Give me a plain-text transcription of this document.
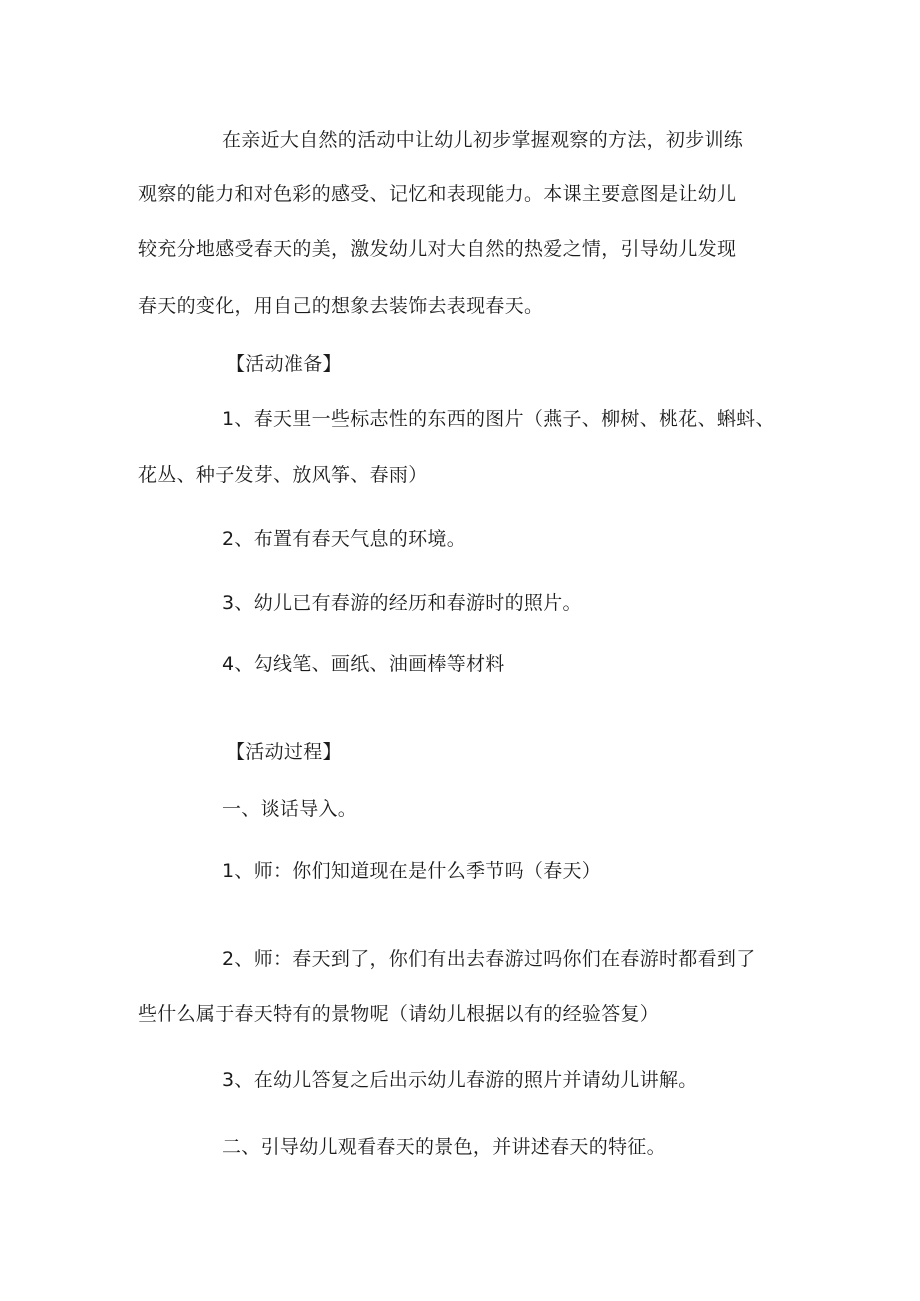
在亲近大自然的活动中让幼儿初步掌握观察的方法，初步训练
观察的能力和对色彩的感受、记忆和表现能力。本课主要意图是让幼儿
较充分地感受春天的美，激发幼儿对大自然的热爱之情，引导幼儿发现
春天的变化，用自己的想象去装饰去表现春天。
【活动准备】
1、春天里一些标志性的东西的图片（燕子、柳树、桃花、蝌蚪、
花丛、种子发芽、放风筝、春雨）
2、布置有春天气息的环境。
3、幼儿已有春游的经历和春游时的照片。
4、勾线笔、画纸、油画棒等材料
【活动过程】
一、谈话导入。
1、师：你们知道现在是什么季节吗（春天）
2、师：春天到了，你们有出去春游过吗你们在春游时都看到了
些什么属于春天特有的景物呢（请幼儿根据以有的经验答复）
3、在幼儿答复之后出示幼儿春游的照片并请幼儿讲解。
二、引导幼儿观看春天的景色，并讲述春天的特征。
